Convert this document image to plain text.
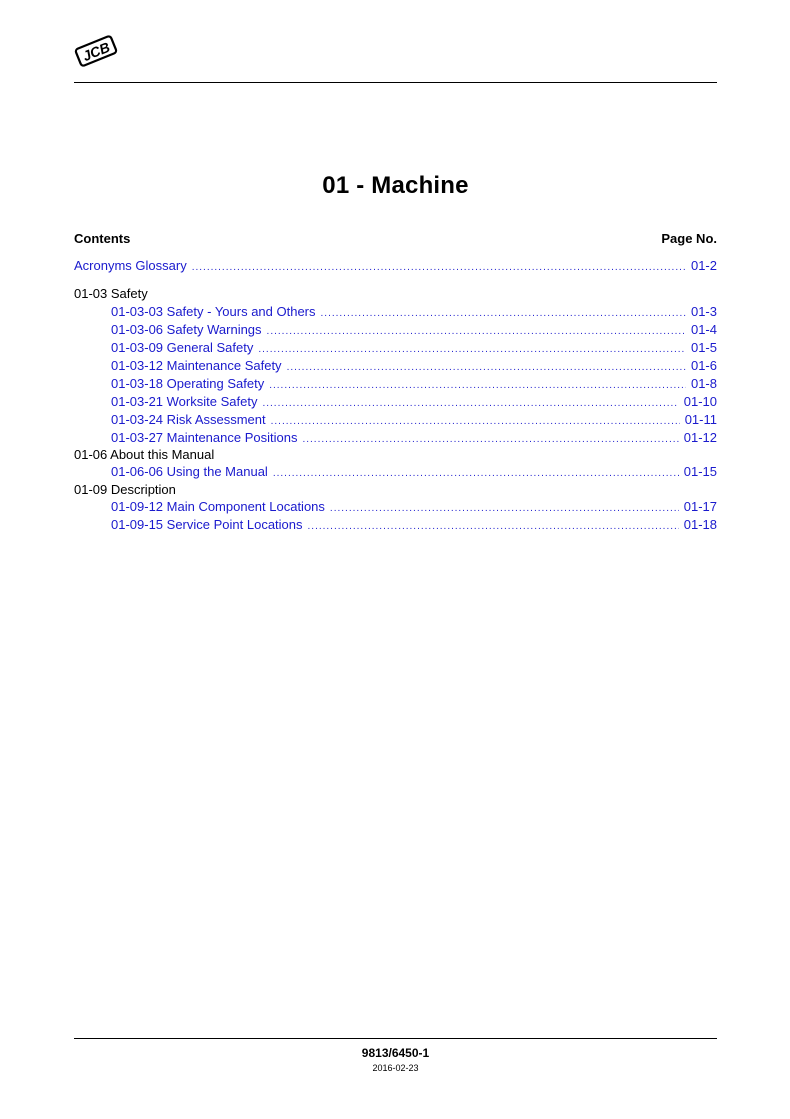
JCB
01 - Machine
Contents	Page No.
Acronyms Glossary .....	01-2
01-03 Safety
01-03-03 Safety - Yours and Others .....	01-3
01-03-06 Safety Warnings .....	01-4
01-03-09 General Safety .....	01-5
01-03-12 Maintenance Safety .....	01-6
01-03-18 Operating Safety .....	01-8
01-03-21 Worksite Safety .....	01-10
01-03-24 Risk Assessment .....	01-11
01-03-27 Maintenance Positions .....	01-12
01-06 About this Manual
01-06-06 Using the Manual .....	01-15
01-09 Description
01-09-12 Main Component Locations .....	01-17
01-09-15 Service Point Locations .....	01-18
9813/6450-1
2016-02-23
